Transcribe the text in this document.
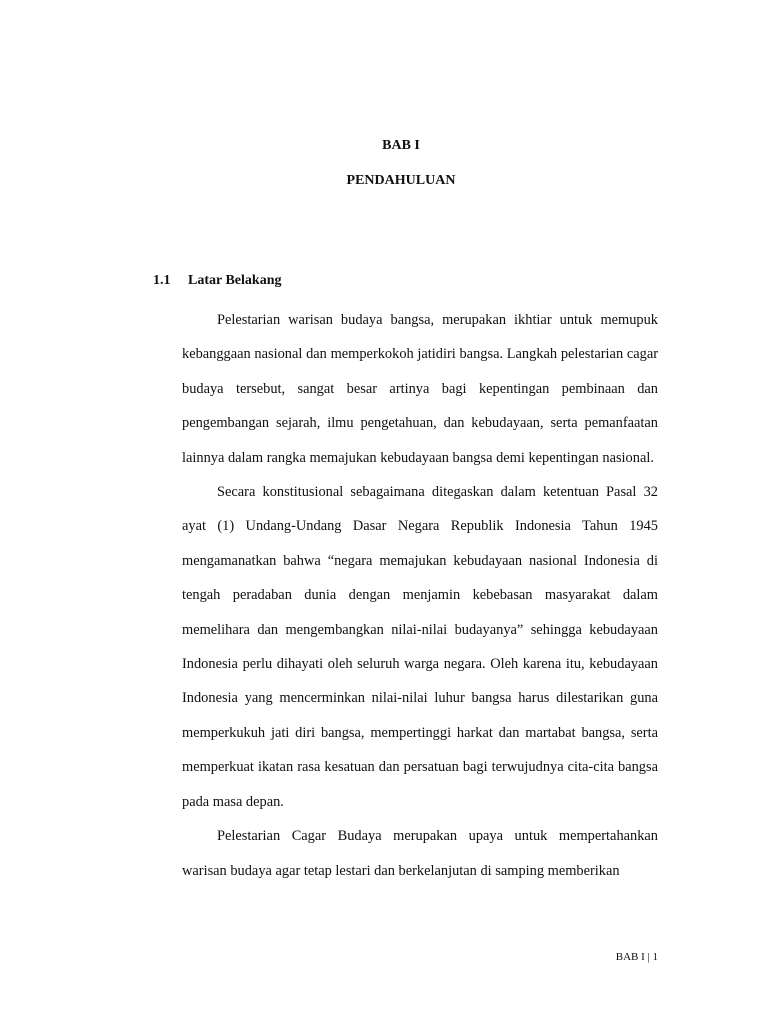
BAB I
PENDAHULUAN
1.1 Latar Belakang

Pelestarian warisan budaya bangsa, merupakan ikhtiar untuk memupuk kebanggaan nasional dan memperkokoh jatidiri bangsa. Langkah pelestarian cagar budaya tersebut, sangat besar artinya bagi kepentingan pembinaan dan pengembangan sejarah, ilmu pengetahuan, dan kebudayaan, serta pemanfaatan lainnya dalam rangka memajukan kebudayaan bangsa demi kepentingan nasional.

Secara konstitusional sebagaimana ditegaskan dalam ketentuan Pasal 32 ayat (1) Undang-Undang Dasar Negara Republik Indonesia Tahun 1945 mengamanatkan bahwa “negara memajukan kebudayaan nasional Indonesia di tengah peradaban dunia dengan menjamin kebebasan masyarakat dalam memelihara dan mengembangkan nilai-nilai budayanya” sehingga kebudayaan Indonesia perlu dihayati oleh seluruh warga negara. Oleh karena itu, kebudayaan Indonesia yang mencerminkan nilai-nilai luhur bangsa harus dilestarikan guna memperkukuh jati diri bangsa, mempertinggi harkat dan martabat bangsa, serta memperkuat ikatan rasa kesatuan dan persatuan bagi terwujudnya cita-cita bangsa pada masa depan.

Pelestarian Cagar Budaya merupakan upaya untuk mempertahankan warisan budaya agar tetap lestari dan berkelanjutan di samping memberikan

BAB I | 1
